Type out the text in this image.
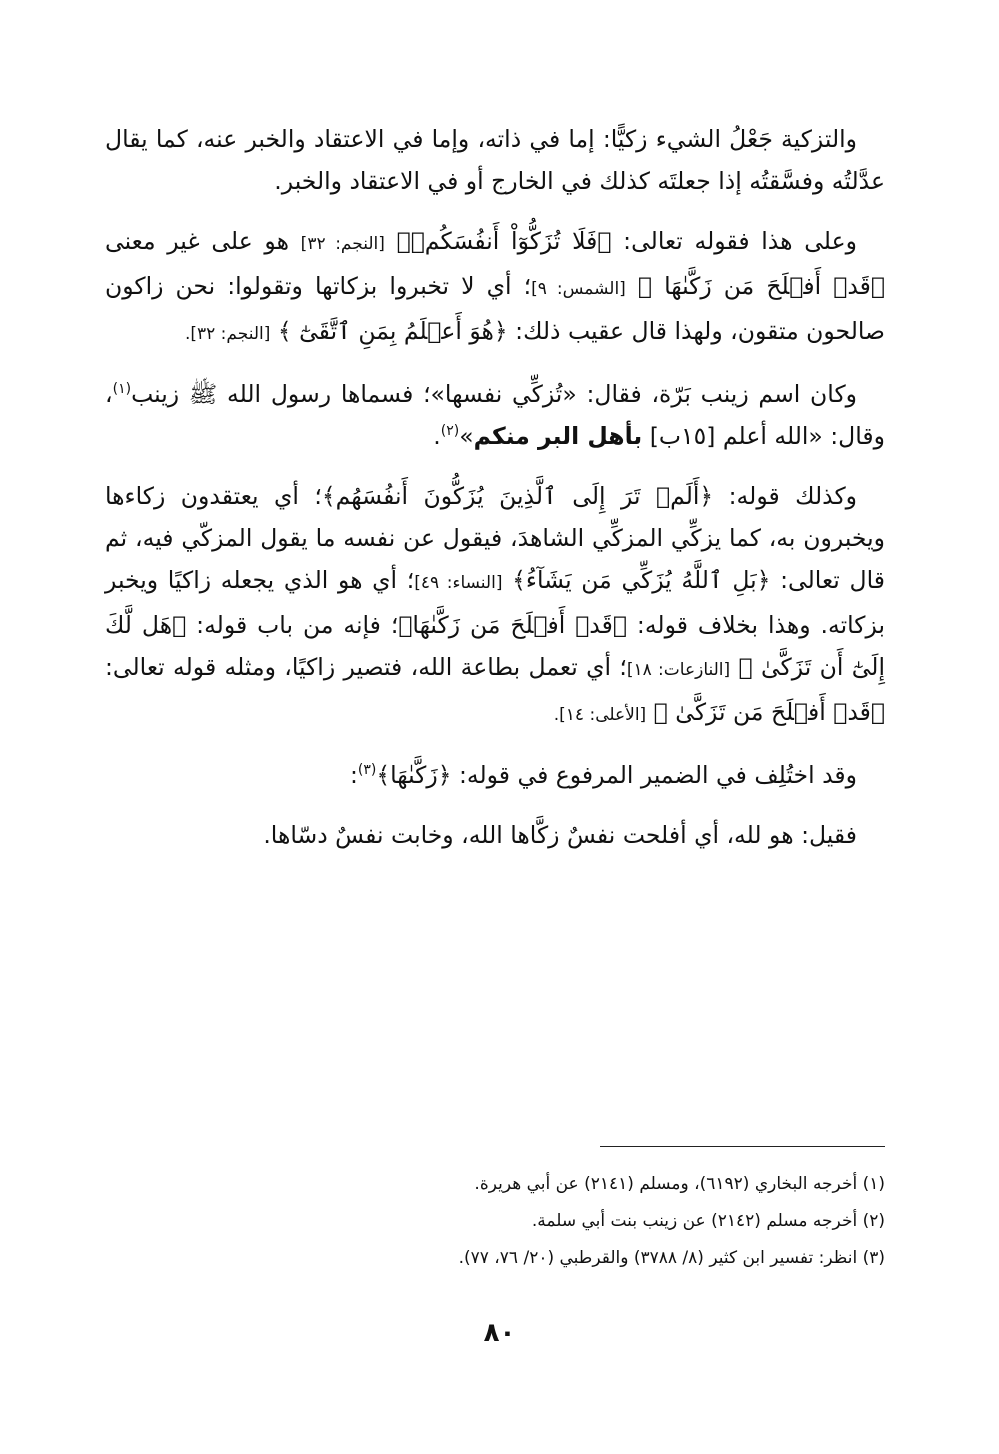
والتزكية جَعْلُ الشيء زكيًّا: إما في ذاته، وإما في الاعتقاد والخبر عنه، كما يقال عدَّلتُه وفسَّقتُه إذا جعلتَه كذلك في الخارج أو في الاعتقاد والخبر.

وعلى هذا فقوله تعالى: ﴿فَلَا تُزَكُّوٓاْ أَنفُسَكُمۡ﴾ [النجم: ٣٢] هو على غير معنى ﴿قَدۡ أَفۡلَحَ مَن زَكَّىٰهَا ﴾ [الشمس: ٩]؛ أي لا تخبروا بزكاتها وتقولوا: نحن زاكون صالحون متقون، ولهذا قال عقيب ذلك: ﴿هُوَ أَعۡلَمُ بِمَنِ ٱتَّقَىٰٓ ﴾ [النجم: ٣٢].

وكان اسم زينب بَرّة، فقال: «تُزكِّي نفسها»؛ فسماها رسول الله ﷺ زينب$^{(١)}$، وقال: «الله أعلم [١٥ب] بأهل البر منكم»$^{(٢)}$.

وكذلك قوله: ﴿أَلَمۡ تَرَ إِلَى ٱلَّذِينَ يُزَكُّونَ أَنفُسَهُم﴾؛ أي يعتقدون زكاءها ويخبرون به، كما يزكِّي المزكِّي الشاهدَ، فيقول عن نفسه ما يقول المزكّي فيه، ثم قال تعالى: ﴿بَلِ ٱللَّهُ يُزَكِّي مَن يَشَآءُ﴾ [النساء: ٤٩]؛ أي هو الذي يجعله زاكيًا ويخبر بزكاته. وهذا بخلاف قوله: ﴿قَدۡ أَفۡلَحَ مَن زَكَّىٰهَا﴾؛ فإنه من باب قوله: ﴿هَل لَّكَ إِلَىٰٓ أَن تَزَكَّىٰ ﴾ [النازعات: ١٨]؛ أي تعمل بطاعة الله، فتصير زاكيًا، ومثله قوله تعالى: ﴿قَدۡ أَفۡلَحَ مَن تَزَكَّىٰ ﴾ [الأعلى: ١٤].

وقد اختُلِف في الضمير المرفوع في قوله: ﴿زَكَّىٰهَا﴾$^{(٣)}$:

فقيل: هو لله، أي أفلحت نفسٌ زكَّاها الله، وخابت نفسٌ دسّاها.

(١) أخرجه البخاري (٦١٩٢)، ومسلم (٢١٤١) عن أبي هريرة.
(٢) أخرجه مسلم (٢١٤٢) عن زينب بنت أبي سلمة.
(٣) انظر: تفسير ابن كثير (٨/ ٣٧٨٨) والقرطبي (٢٠/ ٧٦، ٧٧).
٨٠
